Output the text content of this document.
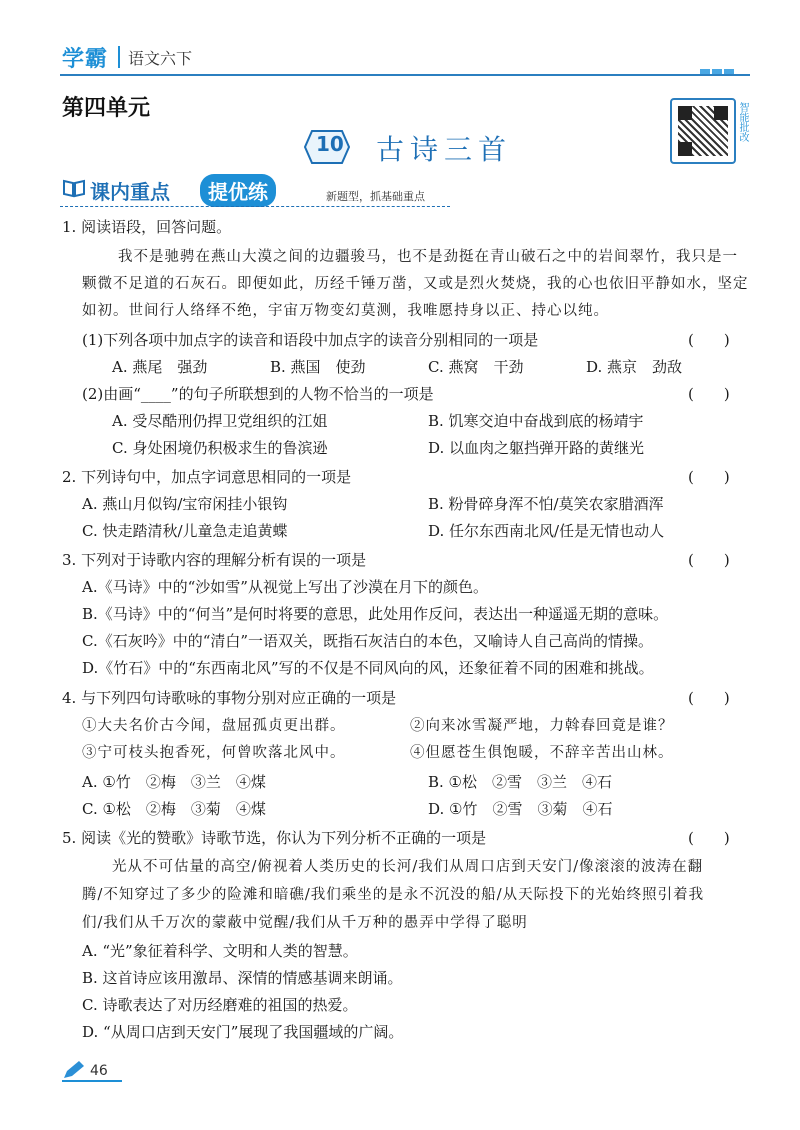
学霸 语文六下
第四单元	智能批改
10 古诗三首
课内重点	提优练	新题型，抓基础重点
1. 阅读语段，回答问题。
我不是驰骋在燕山大漠之间的边疆骏马，也不是劲挺在青山破石之中的岩间翠竹，我只是一
颗微不足道的石灰石。即便如此，历经千锤万凿，又或是烈火焚烧，我的心也依旧平静如水，坚定
如初。世间行人络绎不绝，宇宙万物变幻莫测，我唯愿持身以正、持心以纯。
(1)下列各项中加点字的读音和语段中加点字的读音分别相同的一项是	(　　)
A. 燕尾　强劲	B. 燕国　使劲	C. 燕窝　干劲	D. 燕京　劲敌
(2)由画“____”的句子所联想到的人物不恰当的一项是	(　　)
A. 受尽酷刑仍捍卫党组织的江姐	B. 饥寒交迫中奋战到底的杨靖宇
C. 身处困境仍积极求生的鲁滨逊	D. 以血肉之躯挡弹开路的黄继光
2. 下列诗句中，加点字词意思相同的一项是	(　　)
A. 燕山月似钩/宝帘闲挂小银钩	B. 粉骨碎身浑不怕/莫笑农家腊酒浑
C. 快走踏清秋/儿童急走追黄蝶	D. 任尔东西南北风/任是无情也动人
3. 下列对于诗歌内容的理解分析有误的一项是	(　　)
A.《马诗》中的“沙如雪”从视觉上写出了沙漠在月下的颜色。
B.《马诗》中的“何当”是何时将要的意思，此处用作反问，表达出一种遥遥无期的意味。
C.《石灰吟》中的“清白”一语双关，既指石灰洁白的本色，又喻诗人自己高尚的情操。
D.《竹石》中的“东西南北风”写的不仅是不同风向的风，还象征着不同的困难和挑战。
4. 与下列四句诗歌咏的事物分别对应正确的一项是	(　　)
①大夫名价古今闻，盘屈孤贞更出群。	②向来冰雪凝严地，力斡春回竟是谁？
③宁可枝头抱香死，何曾吹落北风中。	④但愿苍生俱饱暖，不辞辛苦出山林。
A. ①竹　②梅　③兰　④煤	B. ①松　②雪　③兰　④石
C. ①松　②梅　③菊　④煤	D. ①竹　②雪　③菊　④石
5. 阅读《光的赞歌》诗歌节选，你认为下列分析不正确的一项是	(　　)
光从不可估量的高空/俯视着人类历史的长河/我们从周口店到天安门/像滚滚的波涛在翻
腾/不知穿过了多少的险滩和暗礁/我们乘坐的是永不沉没的船/从天际投下的光始终照引着我
们/我们从千万次的蒙蔽中觉醒/我们从千万种的愚弄中学得了聪明
A. “光”象征着科学、文明和人类的智慧。
B. 这首诗应该用激昂、深情的情感基调来朗诵。
C. 诗歌表达了对历经磨难的祖国的热爱。
D. “从周口店到天安门”展现了我国疆域的广阔。
46
